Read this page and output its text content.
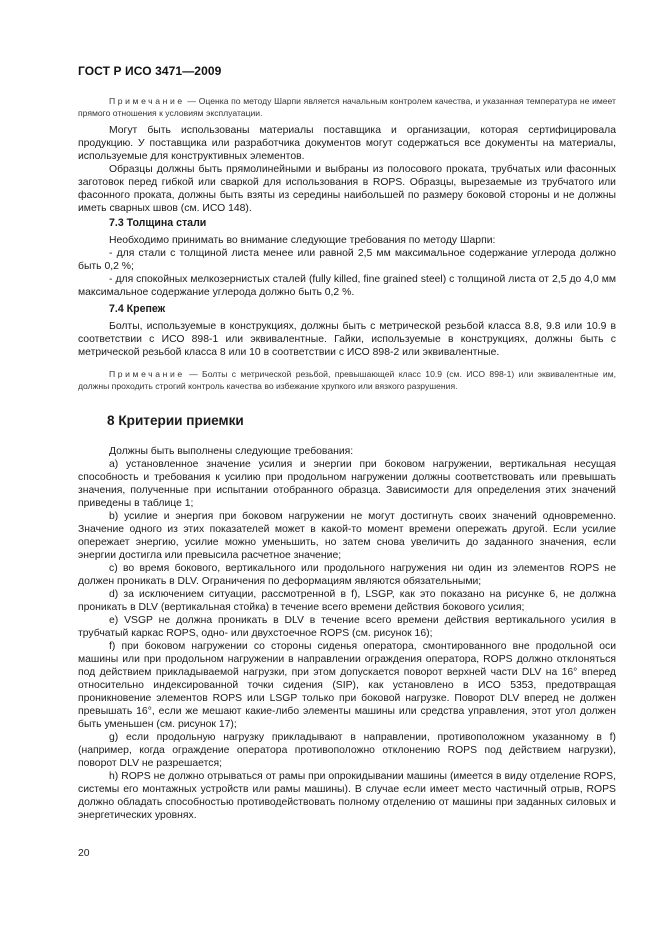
ГОСТ Р ИСО 3471—2009

Примечание — Оценка по методу Шарпи является начальным контролем качества, и указанная температура не имеет прямого отношения к условиям эксплуатации.

Могут быть использованы материалы поставщика и организации, которая сертифицировала продукцию. У поставщика или разработчика документов могут содержаться все документы на материалы, используемые для конструктивных элементов.

Образцы должны быть прямолинейными и выбраны из полосового проката, трубчатых или фасонных заготовок перед гибкой или сваркой для использования в ROPS. Образцы, вырезаемые из трубчатого или фасонного проката, должны быть взяты из середины наибольшей по размеру боковой стороны и не должны иметь сварных швов (см. ИСО 148).

7.3 Толщина стали

Необходимо принимать во внимание следующие требования по методу Шарпи:

- для стали с толщиной листа менее или равной 2,5 мм максимальное содержание углерода должно быть 0,2 %;

- для спокойных мелкозернистых сталей (fully killed, fine grained steel) с толщиной листа от 2,5 до 4,0 мм максимальное содержание углерода должно быть 0,2 %.

7.4 Крепеж

Болты, используемые в конструкциях, должны быть с метрической резьбой класса 8.8, 9.8 или 10.9 в соответствии с ИСО 898-1 или эквивалентные. Гайки, используемые в конструкциях, должны быть с метрической резьбой класса 8 или 10 в соответствии с ИСО 898-2 или эквивалентные.

Примечание — Болты с метрической резьбой, превышающей класс 10.9 (см. ИСО 898-1) или эквивалентные им, должны проходить строгий контроль качества во избежание хрупкого или вязкого разрушения.

8 Критерии приемки

Должны быть выполнены следующие требования:

а) установленное значение усилия и энергии при боковом нагружении, вертикальная несущая способность и требования к усилию при продольном нагружении должны соответствовать или превышать значения, полученные при испытании отобранного образца. Зависимости для определения этих значений приведены в таблице 1;

b) усилие и энергия при боковом нагружении не могут достигнуть своих значений одновременно. Значение одного из этих показателей может в какой-то момент времени опережать другой. Если усилие опережает энергию, усилие можно уменьшить, но затем снова увеличить до заданного значения, если энергии достигла или превысила расчетное значение;

c) во время бокового, вертикального или продольного нагружения ни один из элементов ROPS не должен проникать в DLV. Ограничения по деформациям являются обязательными;

d) за исключением ситуации, рассмотренной в f), LSGP, как это показано на рисунке 6, не должна проникать в DLV (вертикальная стойка) в течение всего времени действия бокового усилия;

e) VSGP не должна проникать в DLV в течение всего времени действия вертикального усилия в трубчатый каркас ROPS, одно- или двухстоечное ROPS (см. рисунок 16);

f) при боковом нагружении со стороны сиденья оператора, смонтированного вне продольной оси машины или при продольном нагружении в направлении ограждения оператора, ROPS должно отклоняться под действием прикладываемой нагрузки, при этом допускается поворот верхней части DLV на 16° вперед относительно индексированной точки сидения (SIP), как установлено в ИСО 5353, предотвращая проникновение элементов ROPS или LSGP только при боковой нагрузке. Поворот DLV вперед не должен превышать 16°, если же мешают какие-либо элементы машины или средства управления, этот угол должен быть уменьшен (см. рисунок 17);

g) если продольную нагрузку прикладывают в направлении, противоположном указанному в f) (например, когда ограждение оператора противоположно отклонению ROPS под действием нагрузки), поворот DLV не разрешается;

h) ROPS не должно отрываться от рамы при опрокидывании машины (имеется в виду отделение ROPS, системы его монтажных устройств или рамы машины). В случае если имеет место частичный отрыв, ROPS должно обладать способностью противодействовать полному отделению от машины при заданных силовых и энергетических уровнях.

20
